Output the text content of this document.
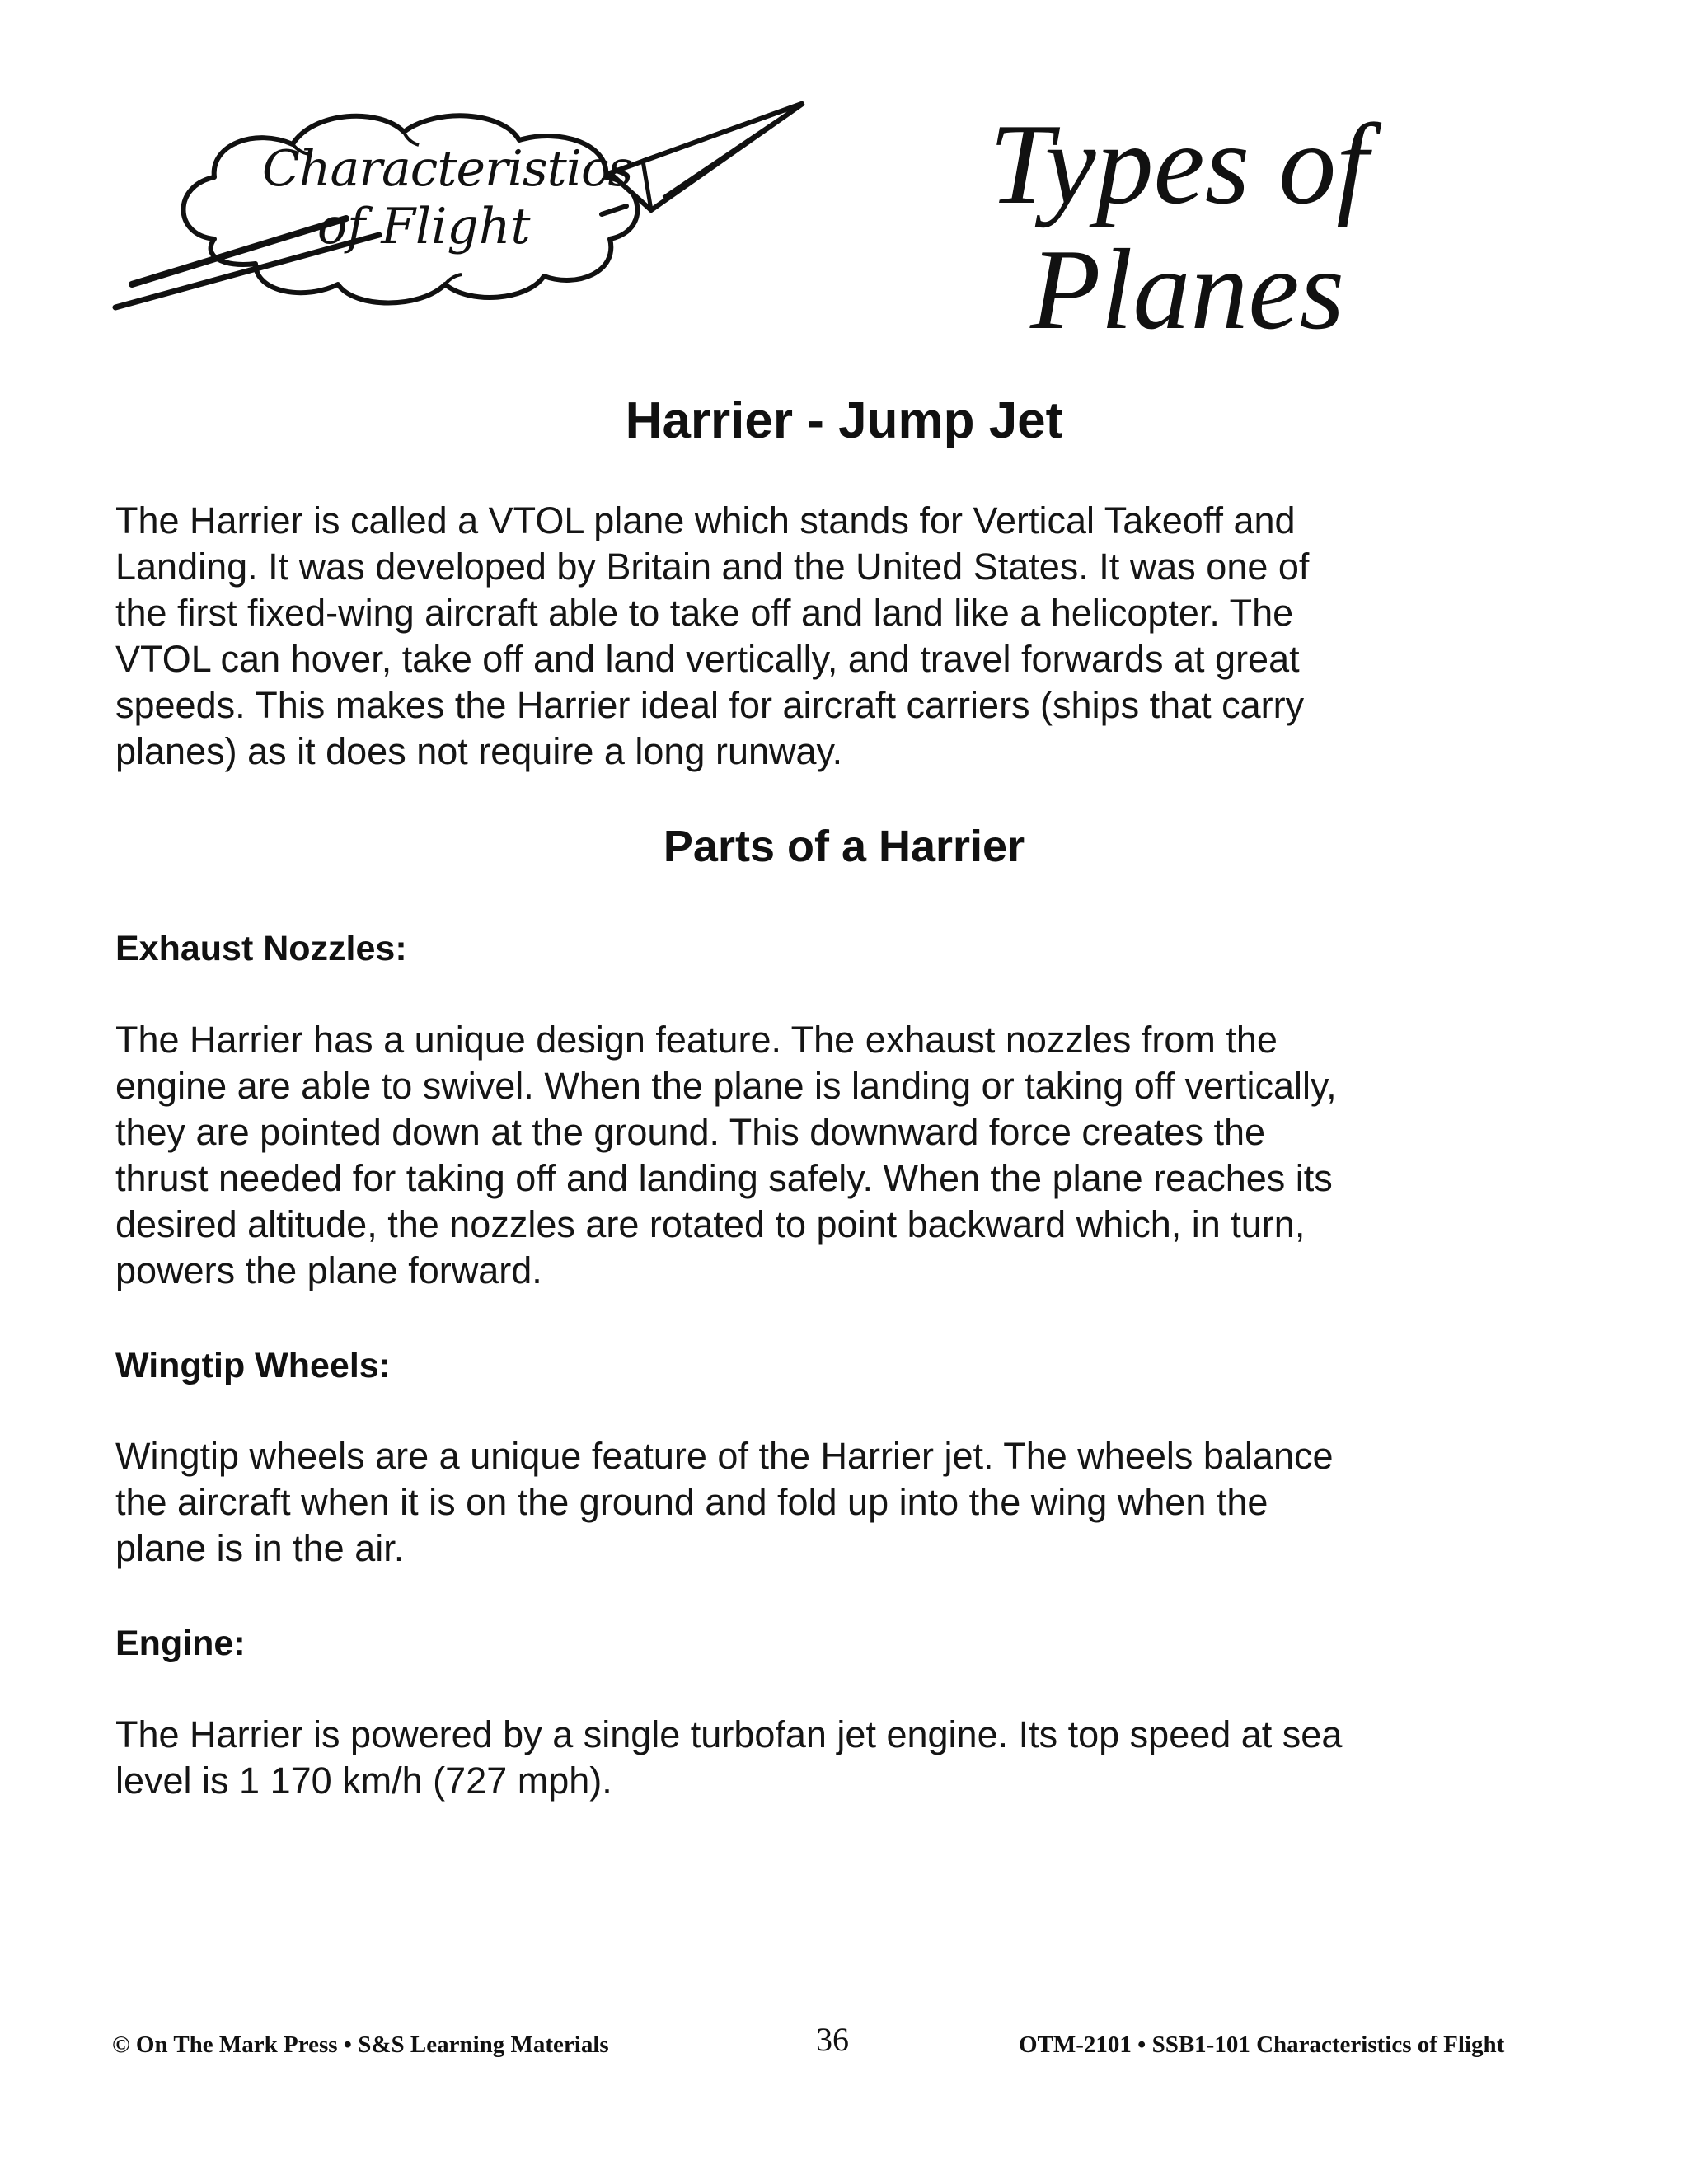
Characteristics
of Flight	Types of
Planes
Harrier - Jump Jet
The Harrier is called a VTOL plane which stands for Vertical Takeoff and
Landing. It was developed by Britain and the United States. It was one of
the first fixed-wing aircraft able to take off and land like a helicopter. The
VTOL can hover, take off and land vertically, and travel forwards at great
speeds. This makes the Harrier ideal for aircraft carriers (ships that carry
planes) as it does not require a long runway.
Parts of a Harrier
Exhaust Nozzles:
The Harrier has a unique design feature. The exhaust nozzles from the
engine are able to swivel. When the plane is landing or taking off vertically,
they are pointed down at the ground. This downward force creates the
thrust needed for taking off and landing safely. When the plane reaches its
desired altitude, the nozzles are rotated to point backward which, in turn,
powers the plane forward.
Wingtip Wheels:
Wingtip wheels are a unique feature of the Harrier jet. The wheels balance
the aircraft when it is on the ground and fold up into the wing when the
plane is in the air.
Engine:
The Harrier is powered by a single turbofan jet engine. Its top speed at sea
level is 1 170 km/h (727 mph).
© On The Mark Press • S&S Learning Materials	36	OTM-2101 • SSB1-101 Characteristics of Flight
